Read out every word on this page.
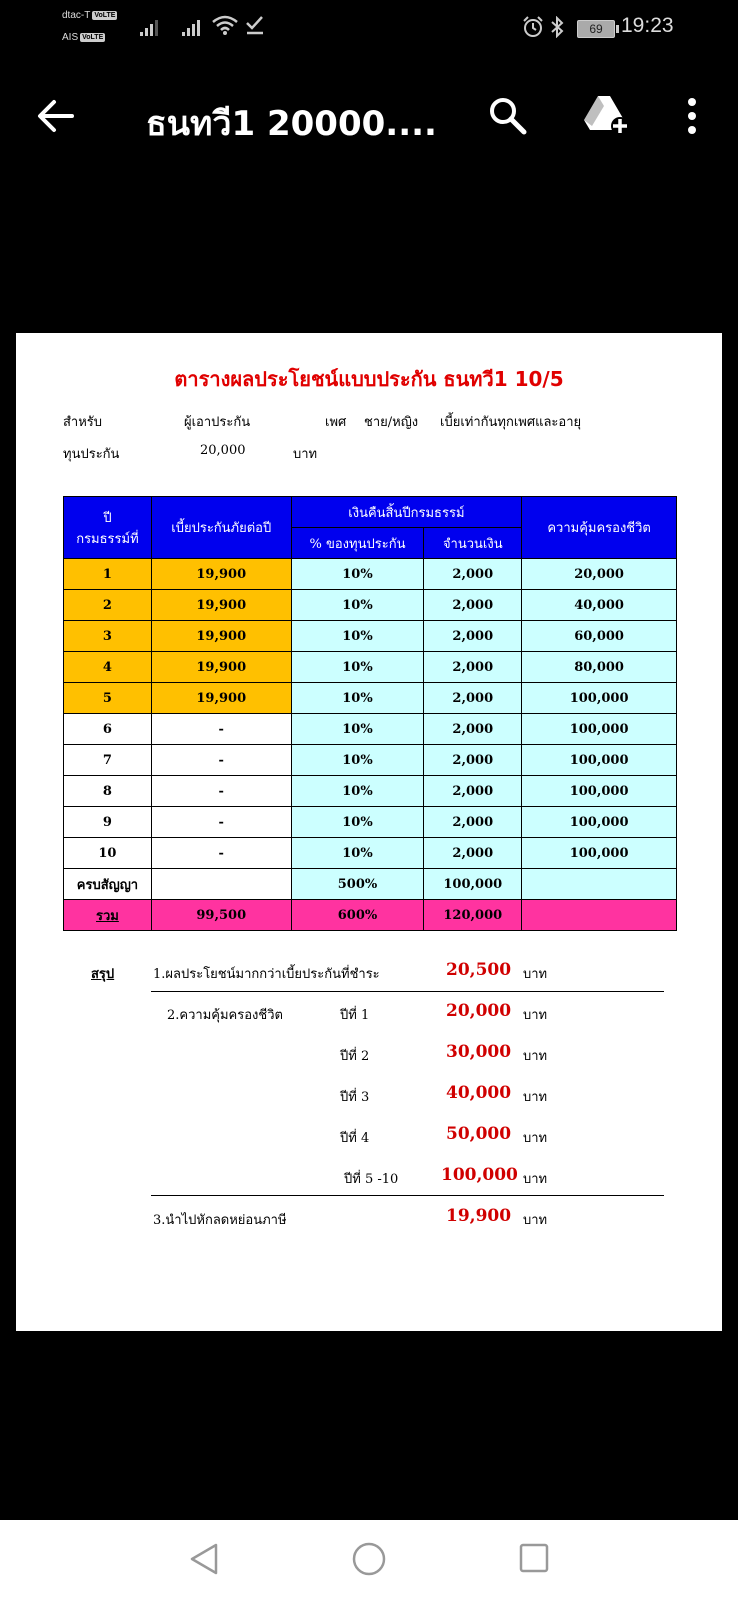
dtac-T VoLTE
AIS VoLTE
69 19:23
ธนทวี1 20000....
ตารางผลประโยชน์แบบประกัน ธนทวี1 10/5
สำหรับ	ผู้เอาประกัน	เพศ ชาย/หญิง เบี้ยเท่ากันทุกเพศและอายุ
ทุนประกัน	20,000	บาท
ปี
กรมธรรม์ที่	เบี้ยประกันภัยต่อปี	เงินคืนสิ้นปีกรมธรรม์		ความคุ้มครองชีวิต
		% ของทุนประกัน	จำนวนเงิน	
1	19,900	10%	2,000	20,000
2	19,900	10%	2,000	40,000
3	19,900	10%	2,000	60,000
4	19,900	10%	2,000	80,000
5	19,900	10%	2,000	100,000
6	-	10%	2,000	100,000
7	-	10%	2,000	100,000
8	-	10%	2,000	100,000
9	-	10%	2,000	100,000
10	-	10%	2,000	100,000
ครบสัญญา		500%	100,000	
รวม	99,500	600%	120,000	
สรุป	1.ผลประโยชน์มากกว่าเบี้ยประกันที่ชำระ	20,500 บาท
2.ความคุ้มครองชีวิต	ปีที่ 1	20,000 บาท
ปีที่ 2	30,000 บาท
ปีที่ 3	40,000 บาท
ปีที่ 4	50,000 บาท
ปีที่ 5 -10	100,000 บาท
3.นำไปหักลดหย่อนภาษี	19,900 บาท
